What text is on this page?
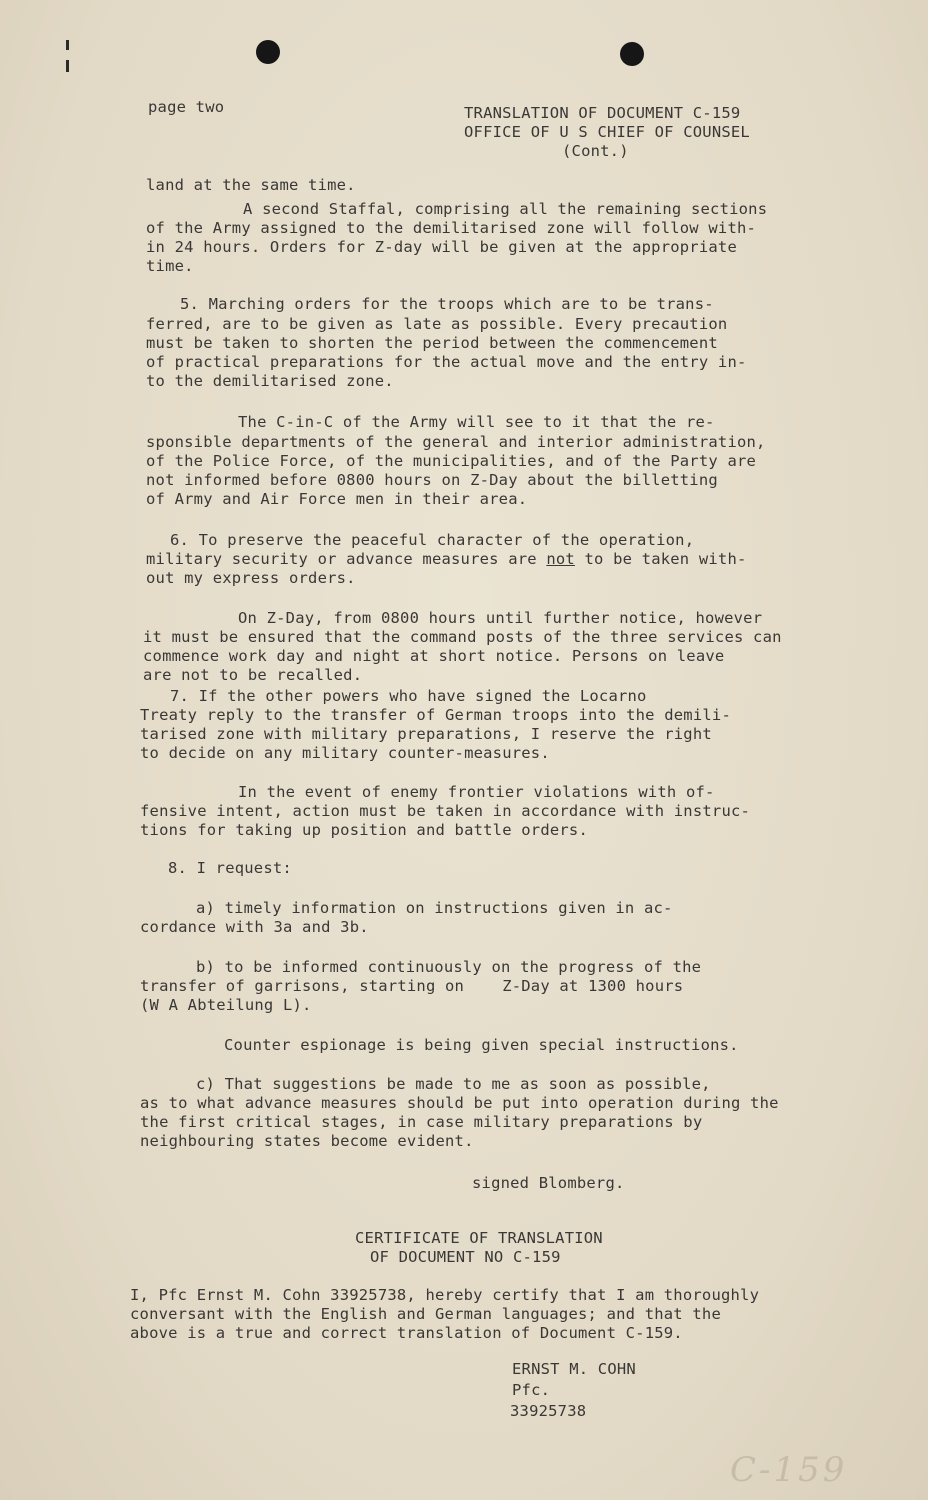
page two	TRANSLATION OF DOCUMENT C-159

OFFICE OF U S CHIEF OF COUNSEL

(Cont.)

land at the same time.

A second Staffal, comprising all the remaining sections

of the Army assigned to the demilitarised zone will follow with-

in 24 hours. Orders for Z-day will be given at the appropriate

time.

5. Marching orders for the troops which are to be trans-

ferred, are to be given as late as possible. Every precaution

must be taken to shorten the period between the commencement

of practical preparations for the actual move and the entry in-

to the demilitarised zone.

The C-in-C of the Army will see to it that the re-

sponsible departments of the general and interior administration,

of the Police Force, of the municipalities, and of the Party are

not informed before 0800 hours on Z-Day about the billetting

of Army and Air Force men in their area.

6. To preserve the peaceful character of the operation,

military security or advance measures are not to be taken with-

out my express orders.

On Z-Day, from 0800 hours until further notice, however

it must be ensured that the command posts of the three services can

commence work day and night at short notice. Persons on leave

are not to be recalled.

7. If the other powers who have signed the Locarno

Treaty reply to the transfer of German troops into the demili-

tarised zone with military preparations, I reserve the right

to decide on any military counter-measures.

In the event of enemy frontier violations with of-

fensive intent, action must be taken in accordance with instruc-

tions for taking up position and battle orders.

8. I request:

a) timely information on instructions given in ac-

cordance with 3a and 3b.

b) to be informed continuously on the progress of the

transfer of garrisons, starting on    Z-Day at 1300 hours

(W A Abteilung L).

Counter espionage is being given special instructions.

c) That suggestions be made to me as soon as possible,

as to what advance measures should be put into operation during the

the first critical stages, in case military preparations by

neighbouring states become evident.

signed Blomberg.

CERTIFICATE OF TRANSLATION

OF DOCUMENT NO C-159

I, Pfc Ernst M. Cohn 33925738, hereby certify that I am thoroughly

conversant with the English and German languages; and that the

above is a true and correct translation of Document C-159.

ERNST M. COHN

Pfc.

33925738

C-159
